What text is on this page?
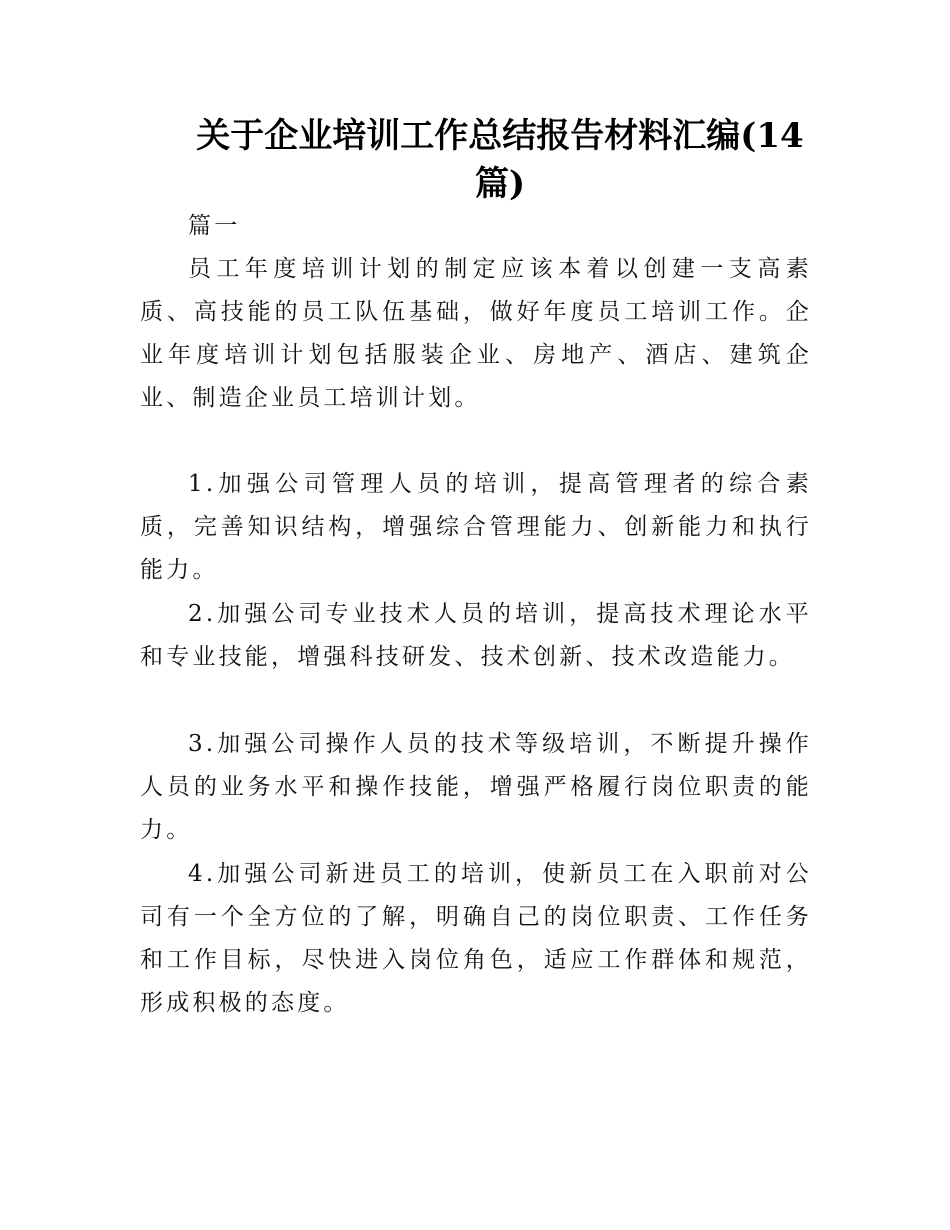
关于企业培训工作总结报告材料汇编(14篇)

篇一

员工年度培训计划的制定应该本着以创建一支高素质、高技能的员工队伍基础，做好年度员工培训工作。企业年度培训计划包括服装企业、房地产、酒店、建筑企业、制造企业员工培训计划。

1.加强公司管理人员的培训，提高管理者的综合素质，完善知识结构，增强综合管理能力、创新能力和执行能力。

2.加强公司专业技术人员的培训，提高技术理论水平和专业技能，增强科技研发、技术创新、技术改造能力。

3.加强公司操作人员的技术等级培训，不断提升操作人员的业务水平和操作技能，增强严格履行岗位职责的能力。

4.加强公司新进员工的培训，使新员工在入职前对公司有一个全方位的了解，明确自己的岗位职责、工作任务和工作目标，尽快进入岗位角色，适应工作群体和规范，形成积极的态度。
